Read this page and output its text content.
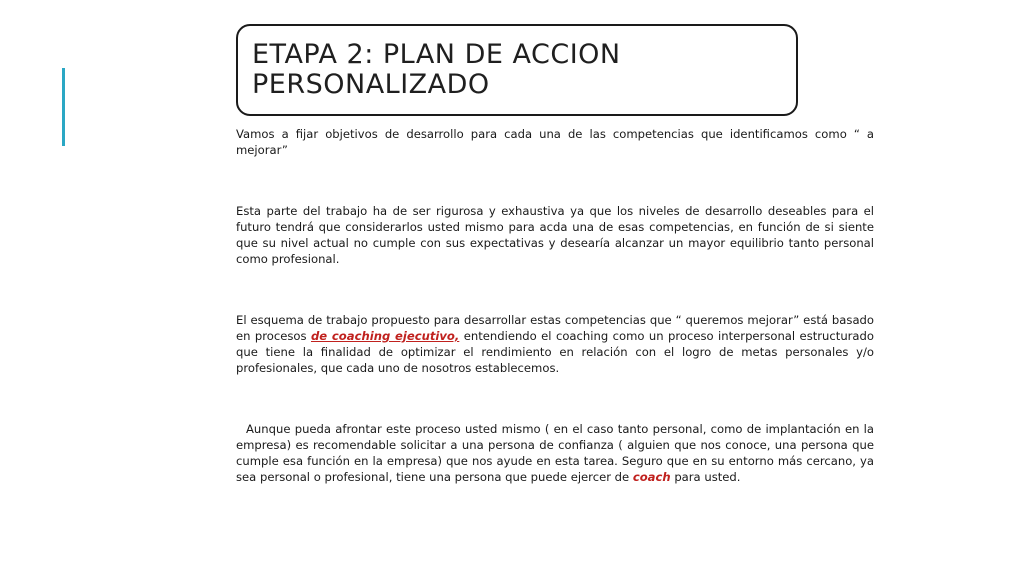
ETAPA 2: PLAN DE ACCION
PERSONALIZADO

Vamos a fijar objetivos de desarrollo para cada una de las competencias que identificamos como “ a mejorar”

Esta parte del trabajo ha de ser rigurosa y exhaustiva ya que los niveles de desarrollo deseables para el futuro tendrá que considerarlos usted mismo para acda una de esas competencias, en función de si siente que su nivel actual no cumple con sus expectativas y desearía alcanzar un mayor equilibrio tanto personal como profesional.

El esquema de trabajo propuesto para desarrollar estas competencias que “ queremos mejorar” está basado en procesos de coaching ejecutivo, entendiendo el coaching como un proceso interpersonal estructurado que tiene la finalidad de optimizar el rendimiento en relación con el logro de metas personales y/o profesionales, que cada uno de nosotros establecemos.

Aunque pueda afrontar este proceso usted mismo ( en el caso tanto personal, como de implantación en la empresa) es recomendable solicitar a una persona de confianza ( alguien que nos conoce, una persona que cumple esa función en la empresa) que nos ayude en esta tarea. Seguro que en su entorno más cercano, ya sea personal o profesional, tiene una persona que puede ejercer de coach para usted.
